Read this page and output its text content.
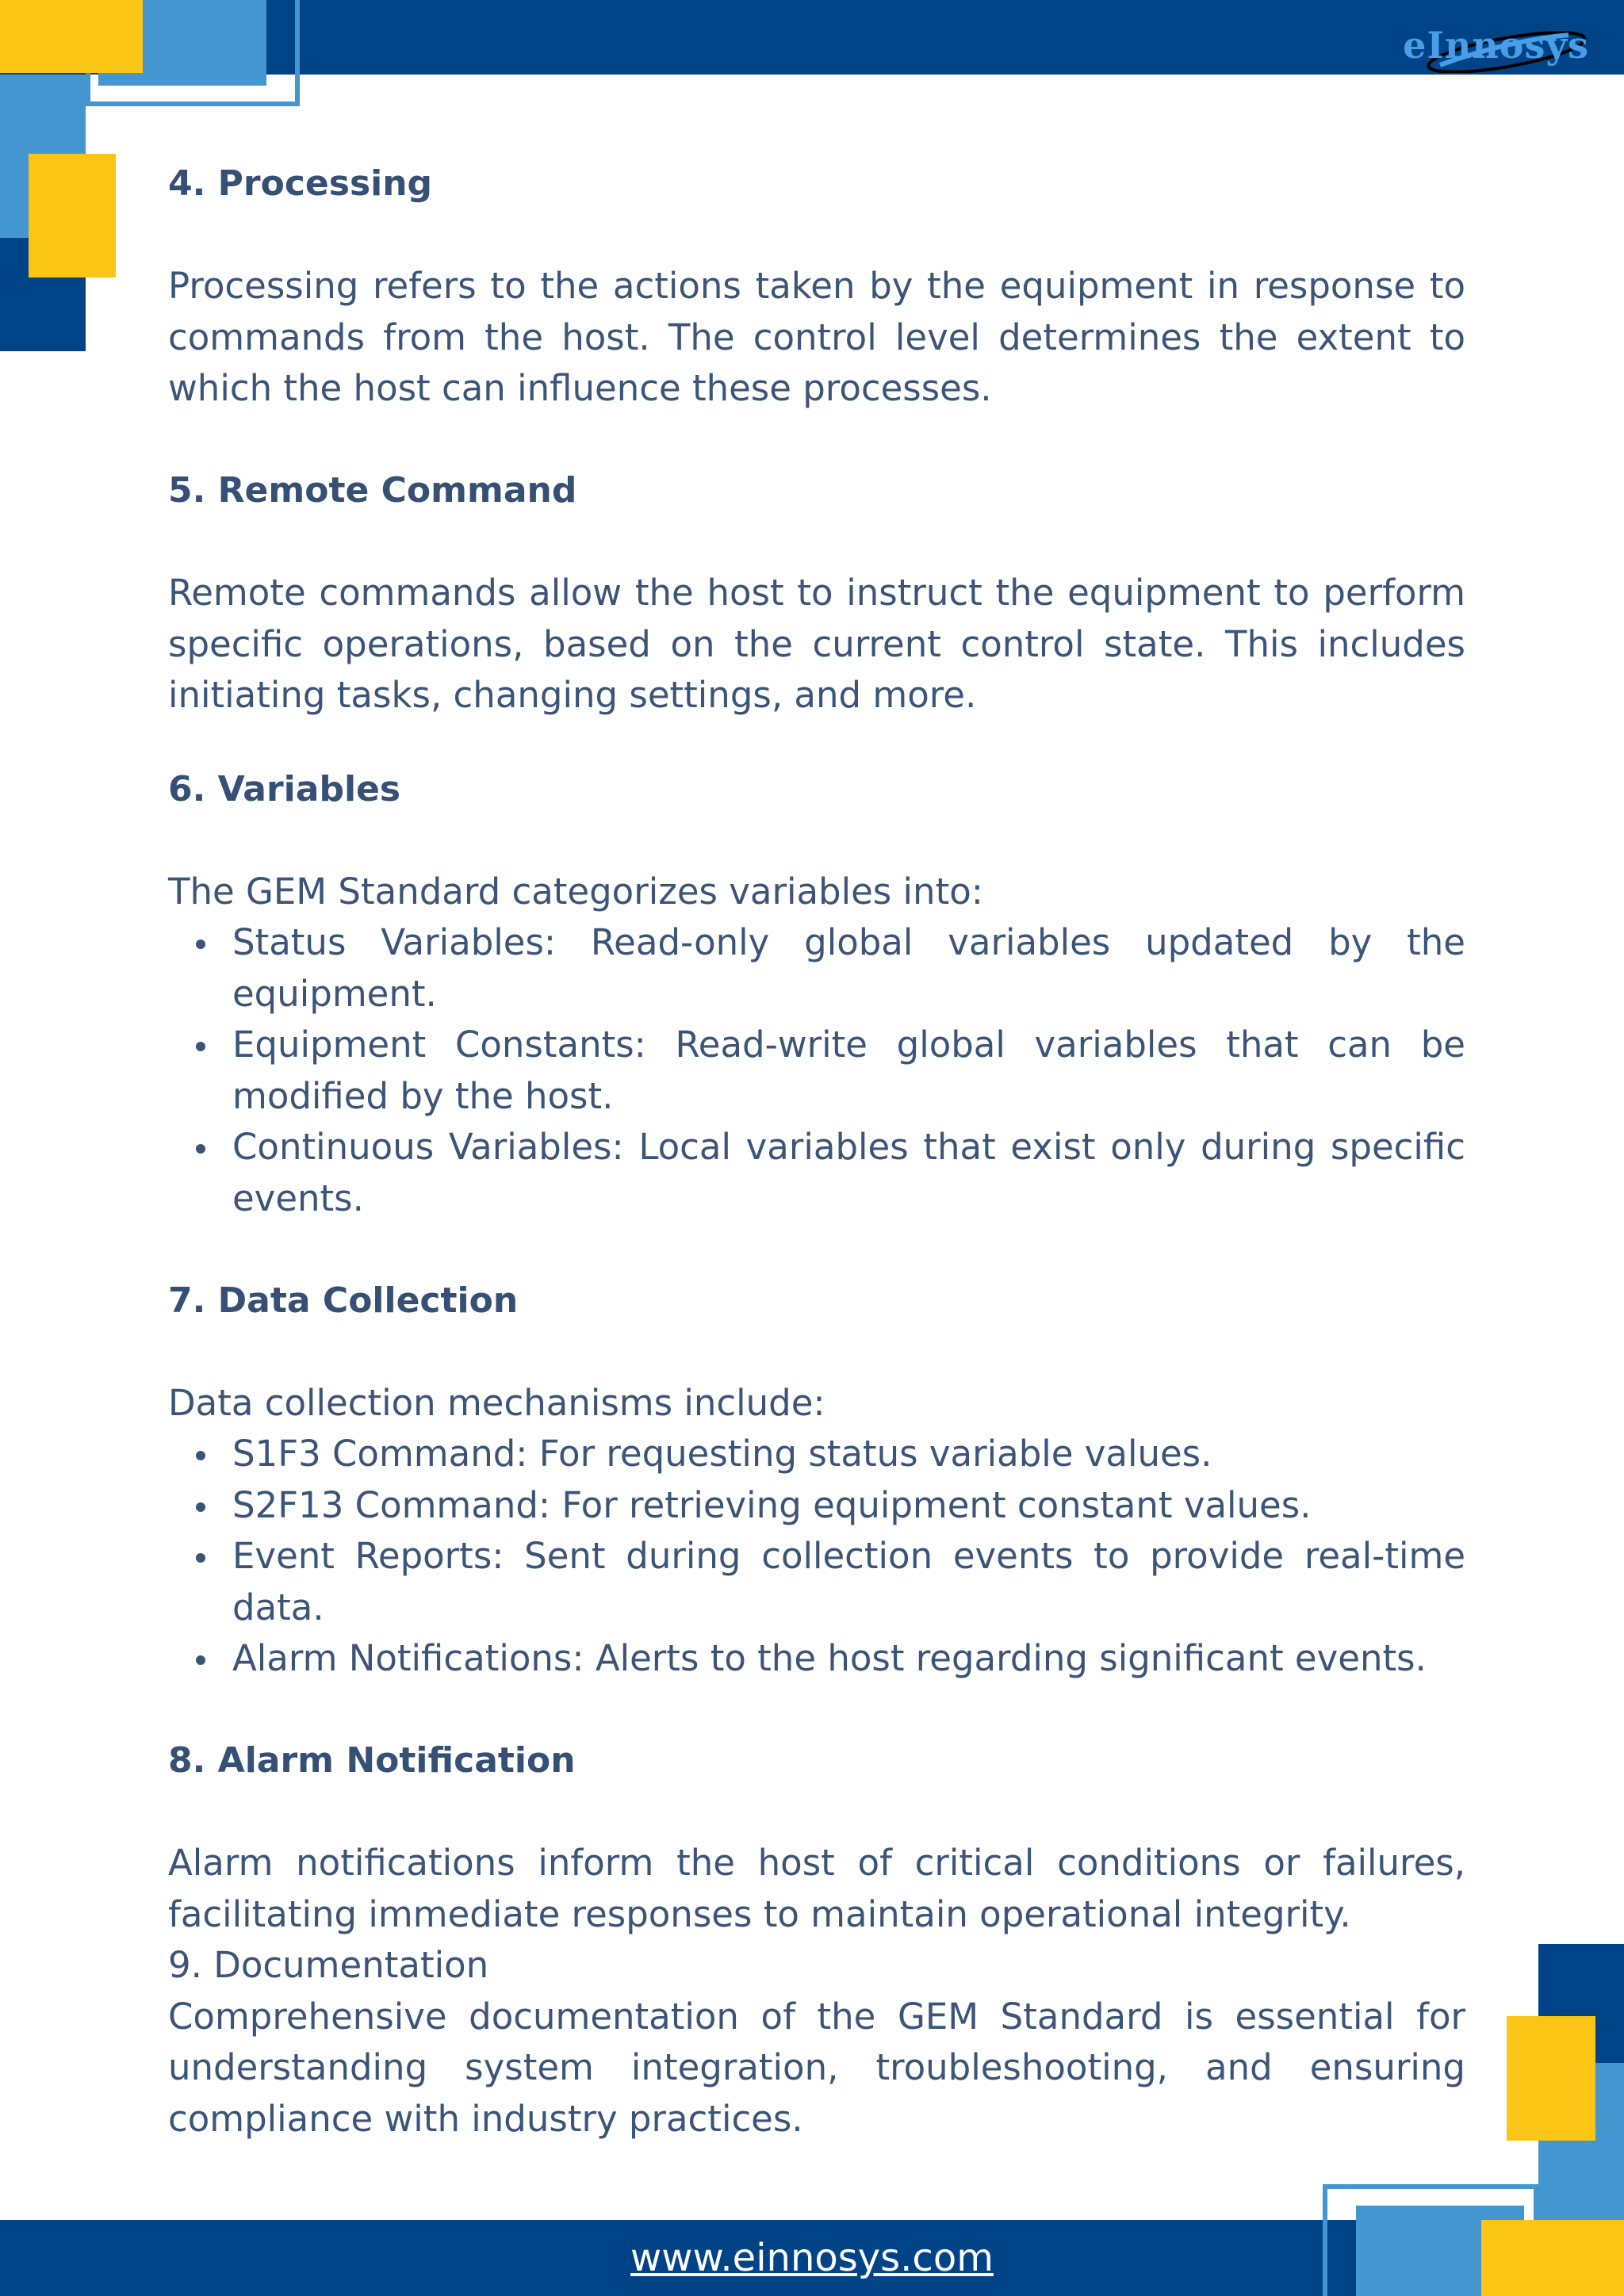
eInnosys

4. Processing

Processing refers to the actions taken by the equipment in response to commands from the host. The control level determines the extent to which the host can influence these processes.

5. Remote Command

Remote commands allow the host to instruct the equipment to perform specific operations, based on the current control state. This includes initiating tasks, changing settings, and more.

6. Variables

The GEM Standard categorizes variables into:

Status Variables: Read-only global variables updated by the equipment.
Equipment Constants: Read-write global variables that can be modified by the host.
Continuous Variables: Local variables that exist only during specific events.

7. Data Collection

Data collection mechanisms include:

S1F3 Command: For requesting status variable values.
S2F13 Command: For retrieving equipment constant values.
Event Reports: Sent during collection events to provide real-time data.
Alarm Notifications: Alerts to the host regarding significant events.

8. Alarm Notification

Alarm notifications inform the host of critical conditions or failures, facilitating immediate responses to maintain operational integrity.

9. Documentation

Comprehensive documentation of the GEM Standard is essential for understanding system integration, troubleshooting, and ensuring compliance with industry practices.

www.einnosys.com
